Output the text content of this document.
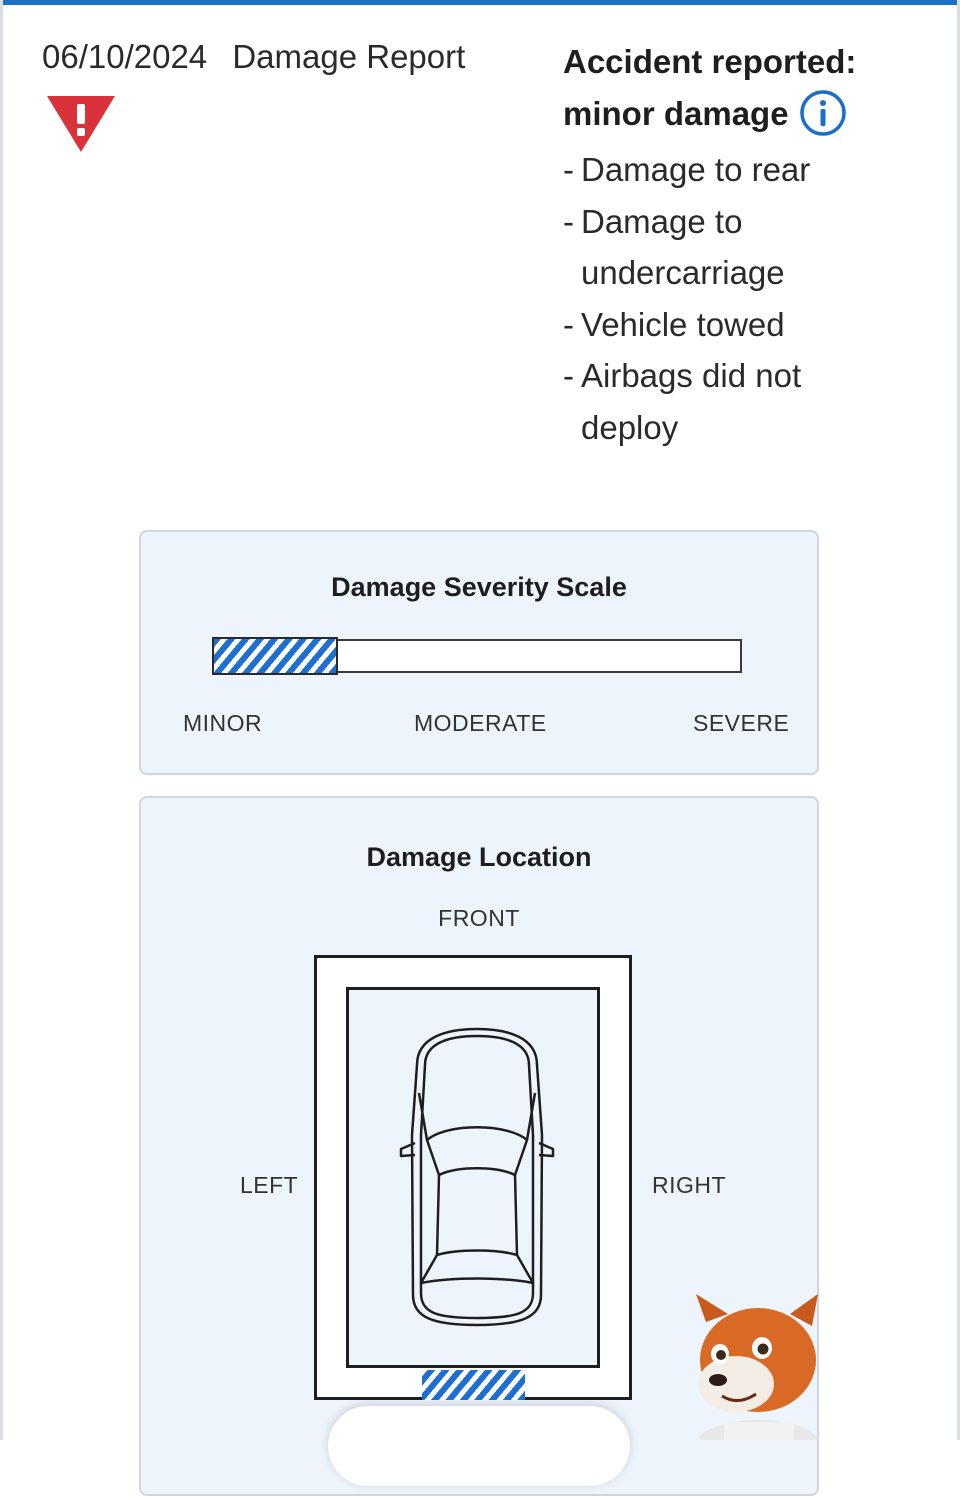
06/10/2024 Damage Report	Accident reported:
minor damage
- Damage to rear
- Damage to undercarriage
- Vehicle towed
- Airbags did not deploy
Damage Severity Scale
MINOR	MODERATE	SEVERE
Damage Location
FRONT
LEFT	RIGHT
